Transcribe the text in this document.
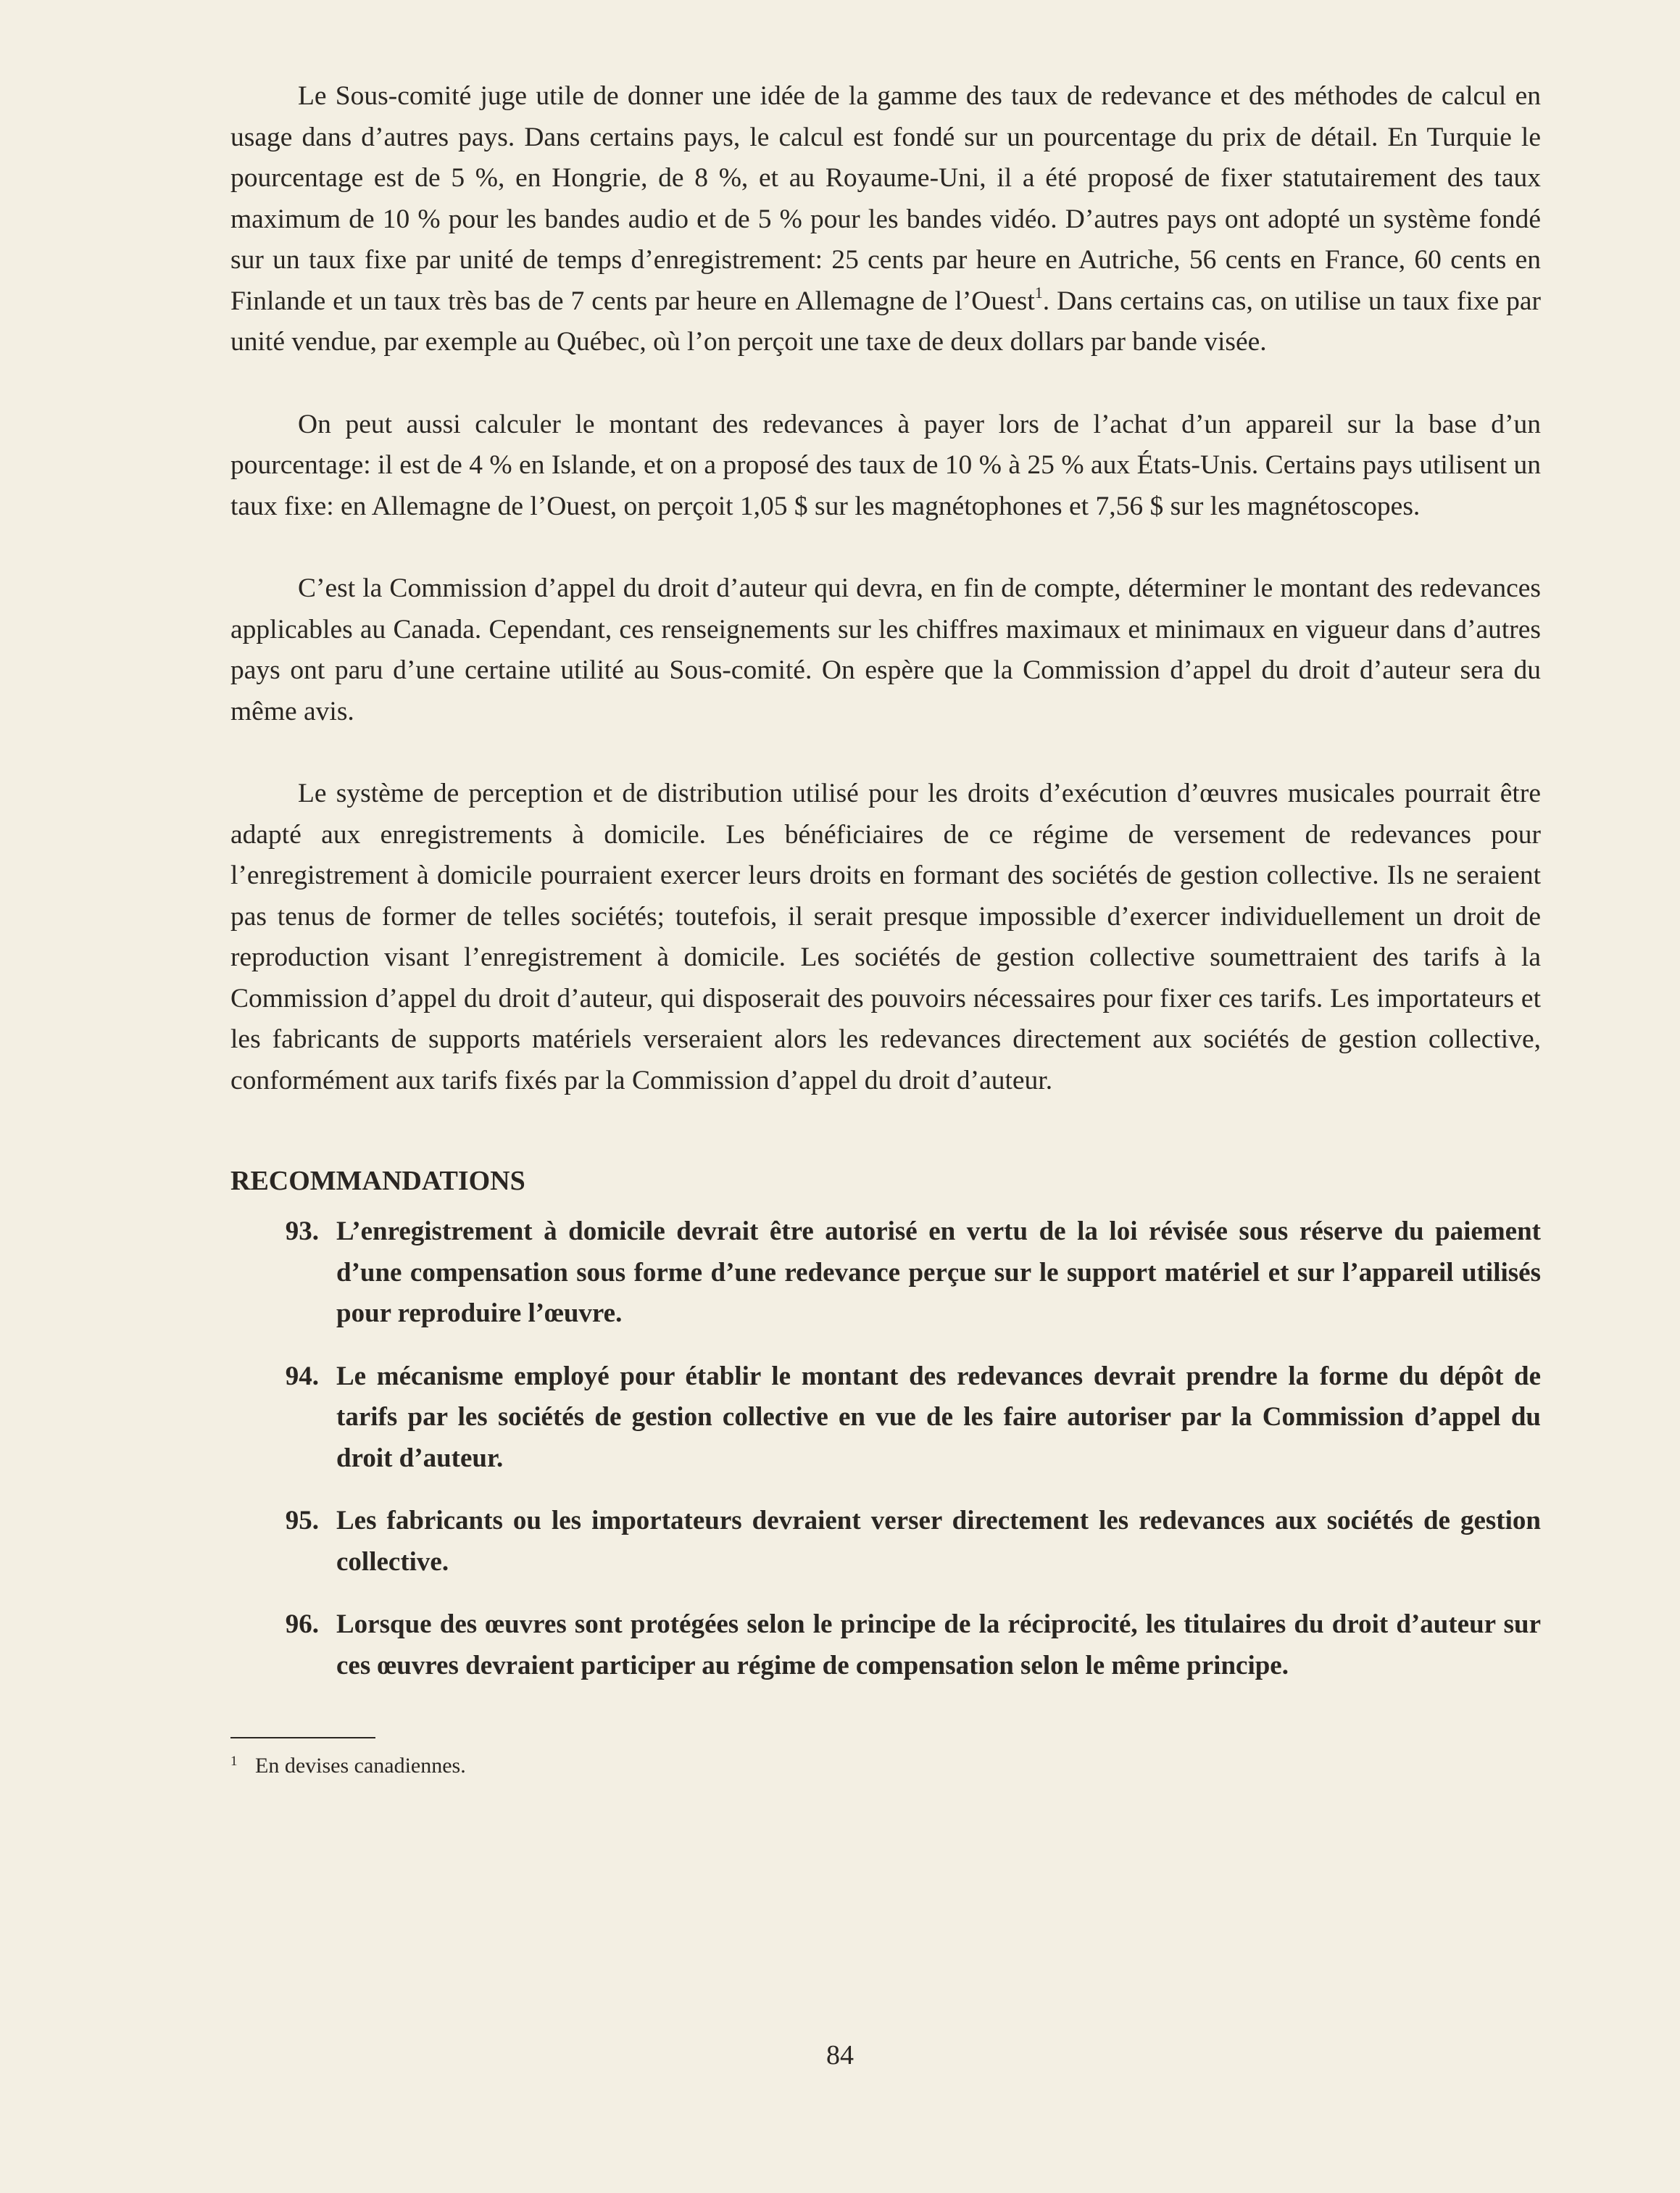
Le Sous-comité juge utile de donner une idée de la gamme des taux de redevance et des méthodes de calcul en usage dans d’autres pays. Dans certains pays, le calcul est fondé sur un pourcentage du prix de détail. En Turquie le pourcentage est de 5 %, en Hongrie, de 8 %, et au Royaume-Uni, il a été proposé de fixer statutairement des taux maximum de 10 % pour les bandes audio et de 5 % pour les bandes vidéo. D’autres pays ont adopté un système fondé sur un taux fixe par unité de temps d’enregistrement: 25 cents par heure en Autriche, 56 cents en France, 60 cents en Finlande et un taux très bas de 7 cents par heure en Allemagne de l’Ouest$^1$. Dans certains cas, on utilise un taux fixe par unité vendue, par exemple au Québec, où l’on perçoit une taxe de deux dollars par bande visée.

On peut aussi calculer le montant des redevances à payer lors de l’achat d’un appareil sur la base d’un pourcentage: il est de 4 % en Islande, et on a proposé des taux de 10 % à 25 % aux États-Unis. Certains pays utilisent un taux fixe: en Allemagne de l’Ouest, on perçoit 1,05 $ sur les magnétophones et 7,56 $ sur les magnétoscopes.

C’est la Commission d’appel du droit d’auteur qui devra, en fin de compte, déterminer le montant des redevances applicables au Canada. Cependant, ces renseignements sur les chiffres maximaux et minimaux en vigueur dans d’autres pays ont paru d’une certaine utilité au Sous-comité. On espère que la Commission d’appel du droit d’auteur sera du même avis.

Le système de perception et de distribution utilisé pour les droits d’exécution d’œuvres musicales pourrait être adapté aux enregistrements à domicile. Les bénéficiaires de ce régime de versement de redevances pour l’enregistrement à domicile pourraient exercer leurs droits en formant des sociétés de gestion collective. Ils ne seraient pas tenus de former de telles sociétés; toutefois, il serait presque impossible d’exercer individuellement un droit de reproduction visant l’enregistrement à domicile. Les sociétés de gestion collective soumettraient des tarifs à la Commission d’appel du droit d’auteur, qui disposerait des pouvoirs nécessaires pour fixer ces tarifs. Les importateurs et les fabricants de supports matériels verseraient alors les redevances directement aux sociétés de gestion collective, conformément aux tarifs fixés par la Commission d’appel du droit d’auteur.

RECOMMANDATIONS
93. L’enregistrement à domicile devrait être autorisé en vertu de la loi révisée sous réserve du paiement d’une compensation sous forme d’une redevance perçue sur le support matériel et sur l’appareil utilisés pour reproduire l’œuvre.
94. Le mécanisme employé pour établir le montant des redevances devrait prendre la forme du dépôt de tarifs par les sociétés de gestion collective en vue de les faire autoriser par la Commission d’appel du droit d’auteur.
95. Les fabricants ou les importateurs devraient verser directement les redevances aux sociétés de gestion collective.
96. Lorsque des œuvres sont protégées selon le principe de la réciprocité, les titulaires du droit d’auteur sur ces œuvres devraient participer au régime de compensation selon le même principe.
1 En devises canadiennes.
84
